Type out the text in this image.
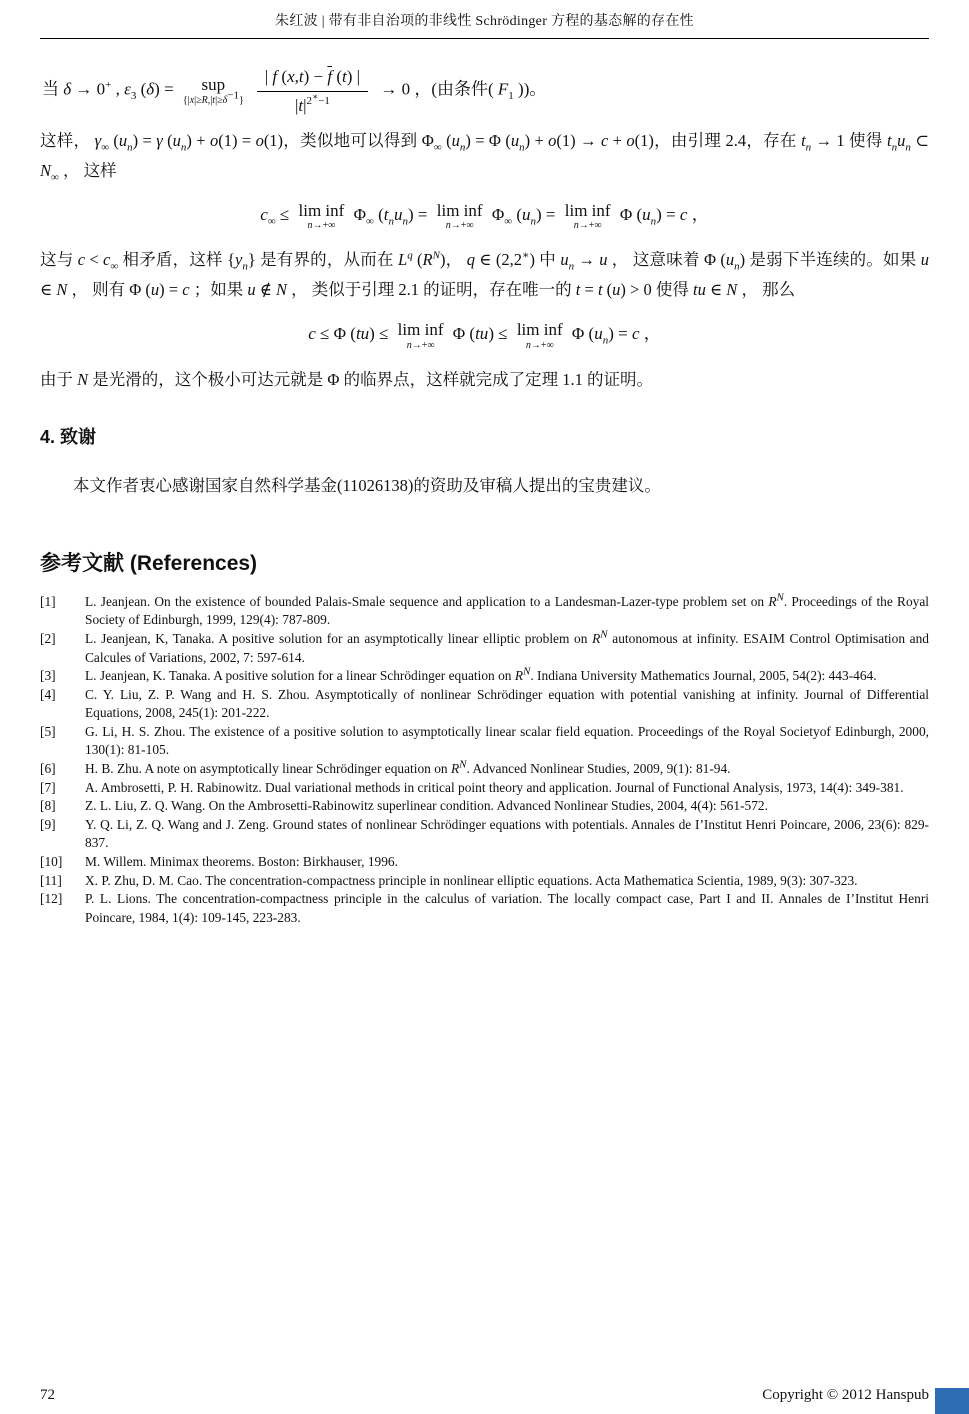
朱红波 | 带有非自治项的非线性 Schrödinger 方程的基态解的存在性
当 δ → 0+ , $\varepsilon_3$ (δ) =	sup
$\{|x|\ge R,|t|\ge\delta^{-1}\} \frac{| f (x,t) - \overline{f} (t) |}{|t|^{2^∗-1}} \to 0$ ，(由条件( $F_1$ ))。
这样， $\gamma_\infty$ $(u_n) = \gamma$ $(u_n) + o(1) = o(1)$，类似地可以得到 $\Phi_\infty$ $(u_n) = \Phi$ $(u_n) + o(1) \to c + o(1)$，由引理 2.4，存在 $t_n \to 1$ 使得 $t_nu_n$ ⊂ $N_\infty$ ， 这样
$c_\infty \le \lim$ inf
n→+∞
$\Phi_\infty$ $(t_nu_n) = \lim$ inf
n→+∞
$\Phi_\infty$ $(u_n) = \lim$ inf
n→+∞
Φ $(u_n) = c$ ，
这与 $c < c_\infty$ 相矛盾，这样 $\{y_n\}$ 是有界的，从而在 $L^q$ $(R^N)$， q ∈ (2,2∗) 中 $u_n \to u$ ， 这意味着 Φ $(u_n)$ 是弱下半连续的。如果 u ∈ N ， 则有 Φ (u) = c ；如果 u ∉ N ， 类似于引理 2.1 的证明，存在唯一的 t = t (u) > 0 使得 tu ∈ N ， 那么
c ≤ Φ (tu) ≤ lim inf
n→+∞
Φ (tu) ≤ lim inf
n→+∞
Φ $(u_n) = c$ ，
由于 N 是光滑的，这个极小可达元就是 Φ 的临界点，这样就完成了定理 1.1 的证明。
4. 致谢
本文作者衷心感谢国家自然科学基金(11026138)的资助及审稿人提出的宝贵建议。
参考文献 (References)
[1]	L. Jeanjean. On the existence of bounded Palais-Smale sequence and application to a Landesman-Lazer-type problem set on $R^N$. Proceedings of the Royal Society of Edinburgh, 1999, 129(4): 787-809.
[2]	L. Jeanjean, K, Tanaka. A positive solution for an asymptotically linear elliptic problem on $R^N$ autonomous at infinity. ESAIM Control Optimisation and Calcules of Variations, 2002, 7: 597-614.
[3]	L. Jeanjean, K. Tanaka. A positive solution for a linear Schrödinger equation on $R^N$. Indiana University Mathematics Journal, 2005, 54(2): 443-464.
[4]	C. Y. Liu, Z. P. Wang and H. S. Zhou. Asymptotically of nonlinear Schrödinger equation with potential vanishing at infinity. Journal of Differential Equations, 2008, 245(1): 201-222.
[5]	G. Li, H. S. Zhou. The existence of a positive solution to asymptotically linear scalar field equation. Proceedings of the Royal Societyof Edinburgh, 2000, 130(1): 81-105.
[6]	H. B. Zhu. A note on asymptotically linear Schrödinger equation on $R^N$. Advanced Nonlinear Studies, 2009, 9(1): 81-94.
[7]	A. Ambrosetti, P. H. Rabinowitz. Dual variational methods in critical point theory and application. Journal of Functional Analysis, 1973, 14(4): 349-381.
[8]	Z. L. Liu, Z. Q. Wang. On the Ambrosetti-Rabinowitz superlinear condition. Advanced Nonlinear Studies, 2004, 4(4): 561-572.
[9]	Y. Q. Li, Z. Q. Wang and J. Zeng. Ground states of nonlinear Schrödinger equations with potentials. Annales de I’Institut Henri Poincare, 2006, 23(6): 829-837.
[10]	M. Willem. Minimax theorems. Boston: Birkhauser, 1996.
[11]	X. P. Zhu, D. M. Cao. The concentration-compactness principle in nonlinear elliptic equations. Acta Mathematica Scientia, 1989, 9(3): 307-323.
[12]	P. L. Lions. The concentration-compactness principle in the calculus of variation. The locally compact case, Part I and II. Annales de I’Institut Henri Poincare, 1984, 1(4): 109-145, 223-283.
72	Copyright © 2012 Hanspub
